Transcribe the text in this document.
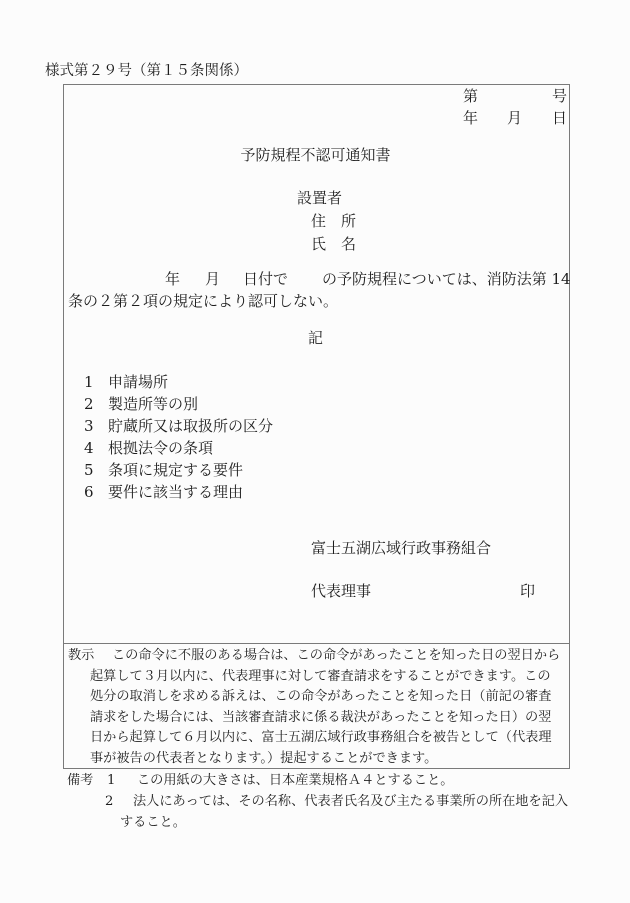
様式第２９号（第１５条関係）
第	号
年 月 日
予防規程不認可通知書
設置者
住　所
氏　名
年 月 日付で の予防規程については、消防法第 14
条の２第２項の規定により認可しない。
記
1 申請場所
2 製造所等の別
3 貯蔵所又は取扱所の区分
4 根拠法令の条項
5 条項に規定する要件
6 要件に該当する理由
富士五湖広域行政事務組合
代表理事	印
教示 この命令に不服のある場合は、この命令があったことを知った日の翌日から
起算して３月以内に、代表理事に対して審査請求をすることができます。この
処分の取消しを求める訴えは、この命令があったことを知った日（前記の審査
請求をした場合には、当該審査請求に係る裁決があったことを知った日）の翌
日から起算して６月以内に、富士五湖広域行政事務組合を被告として（代表理
事が被告の代表者となります。）提起することができます。
備考 1 この用紙の大きさは、日本産業規格Ａ４とすること。
2 法人にあっては、その名称、代表者氏名及び主たる事業所の所在地を記入
すること。
